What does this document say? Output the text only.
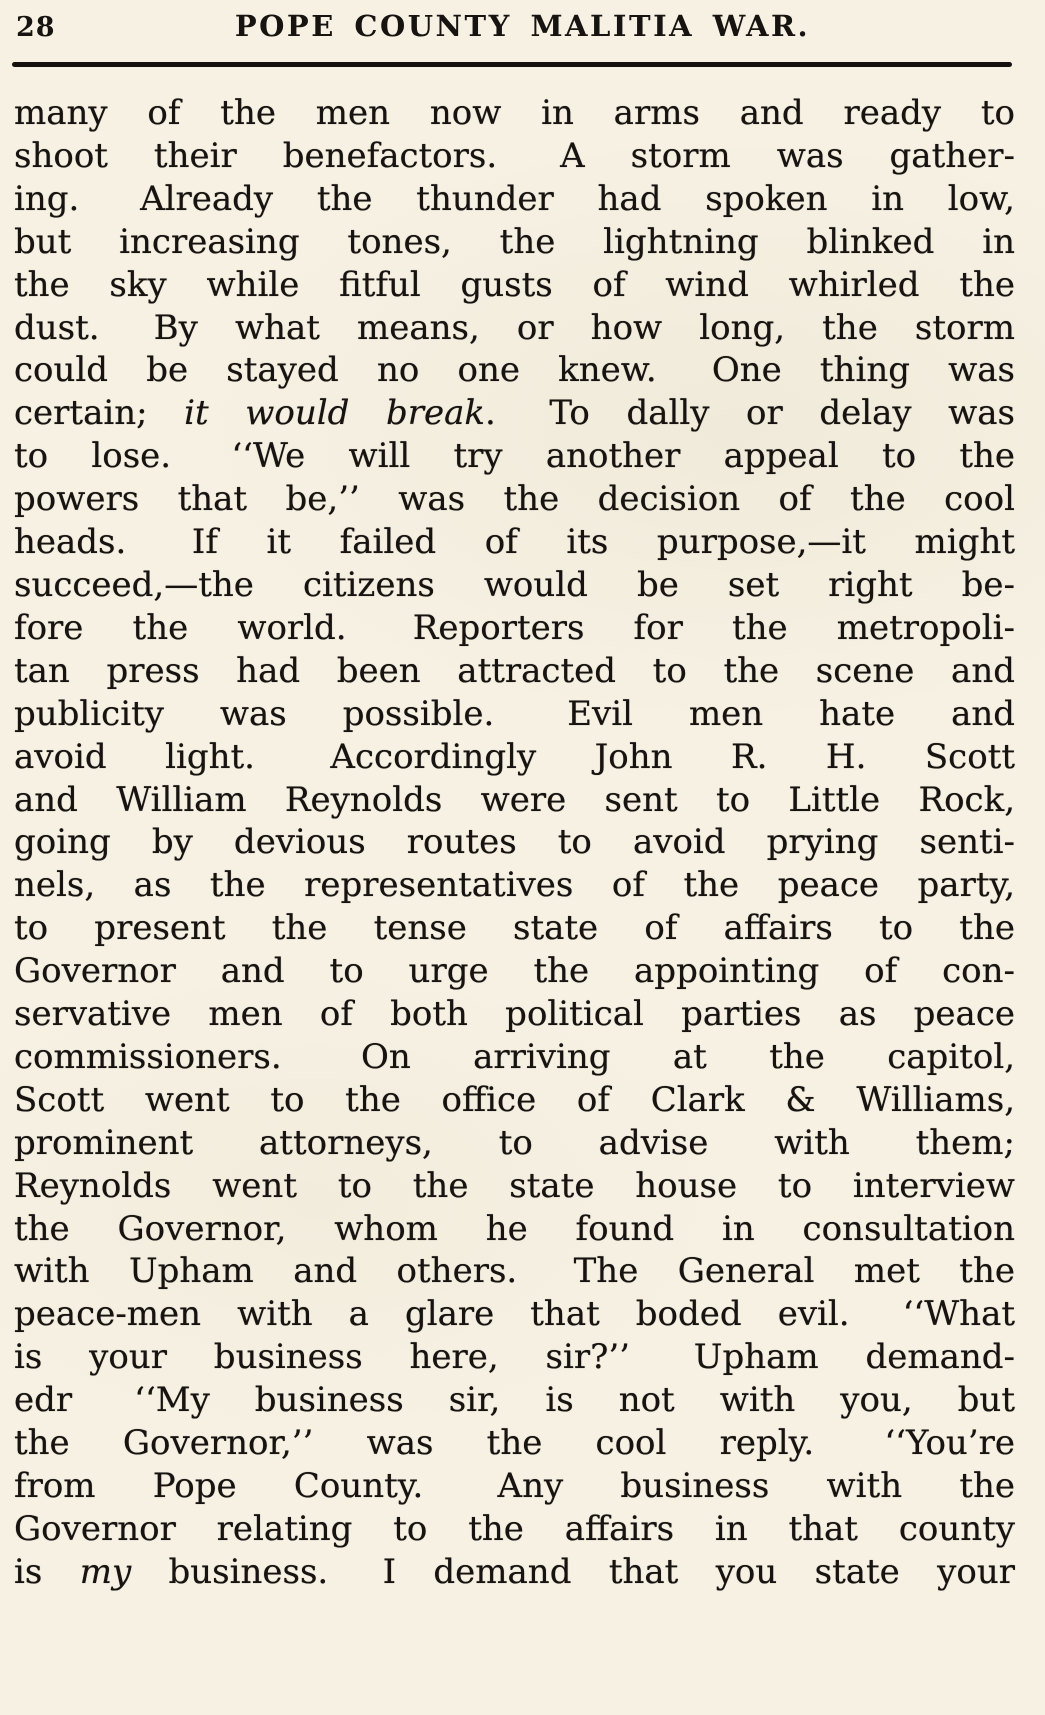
28	POPE COUNTY MALITIA WAR.
many of the men now in arms and ready to
shoot their benefactors.  A storm was gather-
ing.  Already the thunder had spoken in low,
but increasing tones, the lightning blinked in
the sky while fitful gusts of wind whirled the
dust.  By what means, or how long, the storm
could be stayed no one knew.  One thing was
certain; it would break.  To dally or delay was
to lose.  ‘‘We will try another appeal to the
powers that be,’’ was the decision of the cool
heads.  If it failed of its purpose,—it might
succeed,—the citizens would be set right be-
fore the world.  Reporters for the metropoli-
tan press had been attracted to the scene and
publicity was possible.  Evil men hate and
avoid light.  Accordingly John R. H. Scott
and William Reynolds were sent to Little Rock,
going by devious routes to avoid prying senti-
nels, as the representatives of the peace party,
to present the tense state of affairs to the
Governor and to urge the appointing of con-
servative men of both political parties as peace
commissioners.  On arriving at the capitol,
Scott went to the office of Clark & Williams,
prominent attorneys, to advise with them;
Reynolds went to the state house to interview
the Governor, whom he found in consultation
with Upham and others.  The General met the
peace-men with a glare that boded evil.  ‘‘What
is your business here, sir?’’  Upham demand-
edr  ‘‘My business sir, is not with you, but
the Governor,’’ was the cool reply.  ‘‘You’re
from Pope County.  Any business with the
Governor relating to the affairs in that county
is my business.  I demand that you state your
